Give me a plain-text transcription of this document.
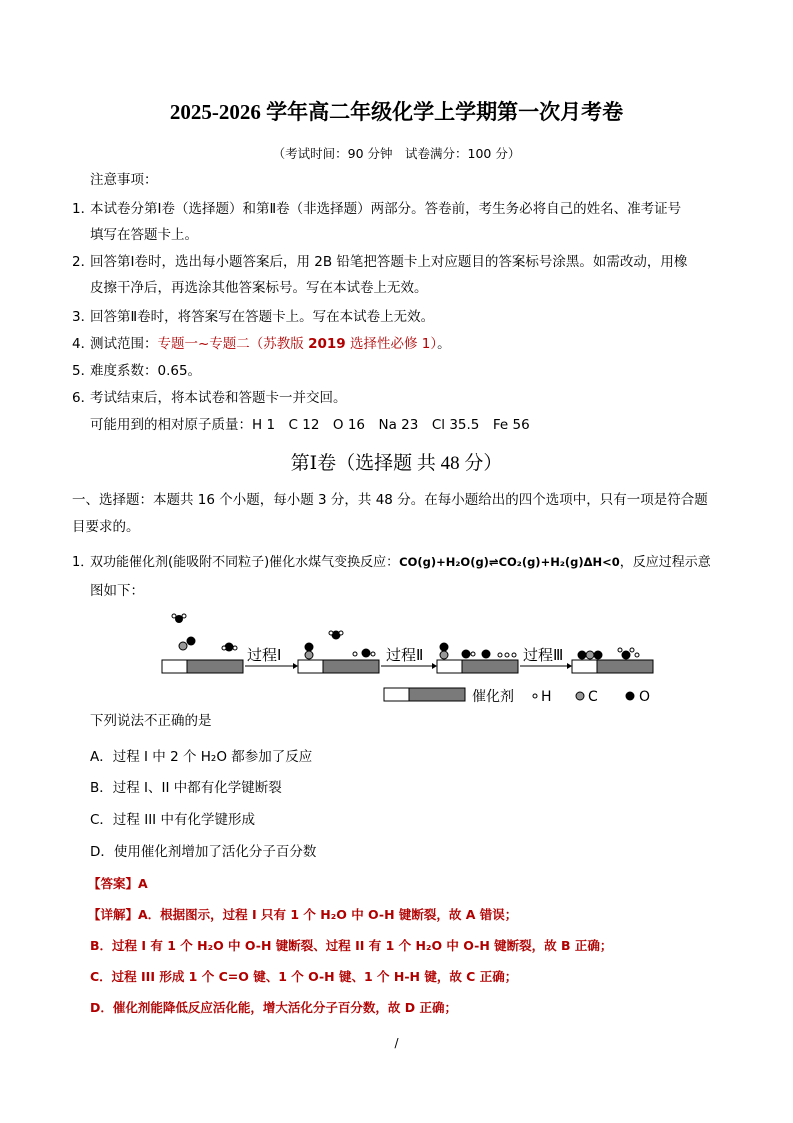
2025-2026 学年高二年级化学上学期第一次月考卷
（考试时间：90 分钟　试卷满分：100 分）
注意事项：
1．本试卷分第Ⅰ卷（选择题）和第Ⅱ卷（非选择题）两部分。答卷前，考生务必将自己的姓名、准考证号
填写在答题卡上。
2．回答第Ⅰ卷时，选出每小题答案后，用 2B 铅笔把答题卡上对应题目的答案标号涂黑。如需改动，用橡
皮擦干净后，再选涂其他答案标号。写在本试卷上无效。
3．回答第Ⅱ卷时，将答案写在答题卡上。写在本试卷上无效。
4．测试范围：专题一~专题二（苏教版 2019 选择性必修 1）。
5．难度系数：0.65。
6．考试结束后，将本试卷和答题卡一并交回。
可能用到的相对原子质量：H 1　C 12　O 16　Na 23　Cl 35.5　Fe 56
第Ⅰ卷（选择题 共 48 分）
一、选择题：本题共 16 个小题，每小题 3 分，共 48 分。在每小题给出的四个选项中，只有一项是符合题
目要求的。
1．双功能催化剂(能吸附不同粒子)催化水煤气变换反应：CO(g)+H₂O(g)⇌CO₂(g)+H₂(g)ΔH<0，反应过程示意
图如下：
过程Ⅰ	过程Ⅱ	过程Ⅲ
催化剂 H	C	O
下列说法不正确的是
A．过程 I 中 2 个 H₂O 都参加了反应
B．过程 I、II 中都有化学键断裂
C．过程 III 中有化学键形成
D．使用催化剂增加了活化分子百分数
【答案】A
【详解】A．根据图示，过程 I 只有 1 个 H₂O 中 O-H 键断裂，故 A 错误；
B．过程 I 有 1 个 H₂O 中 O-H 键断裂、过程 II 有 1 个 H₂O 中 O-H 键断裂，故 B 正确；
C．过程 III 形成 1 个 C=O 键、1 个 O-H 键、1 个 H-H 键，故 C 正确；
D．催化剂能降低反应活化能，增大活化分子百分数，故 D 正确；
/
